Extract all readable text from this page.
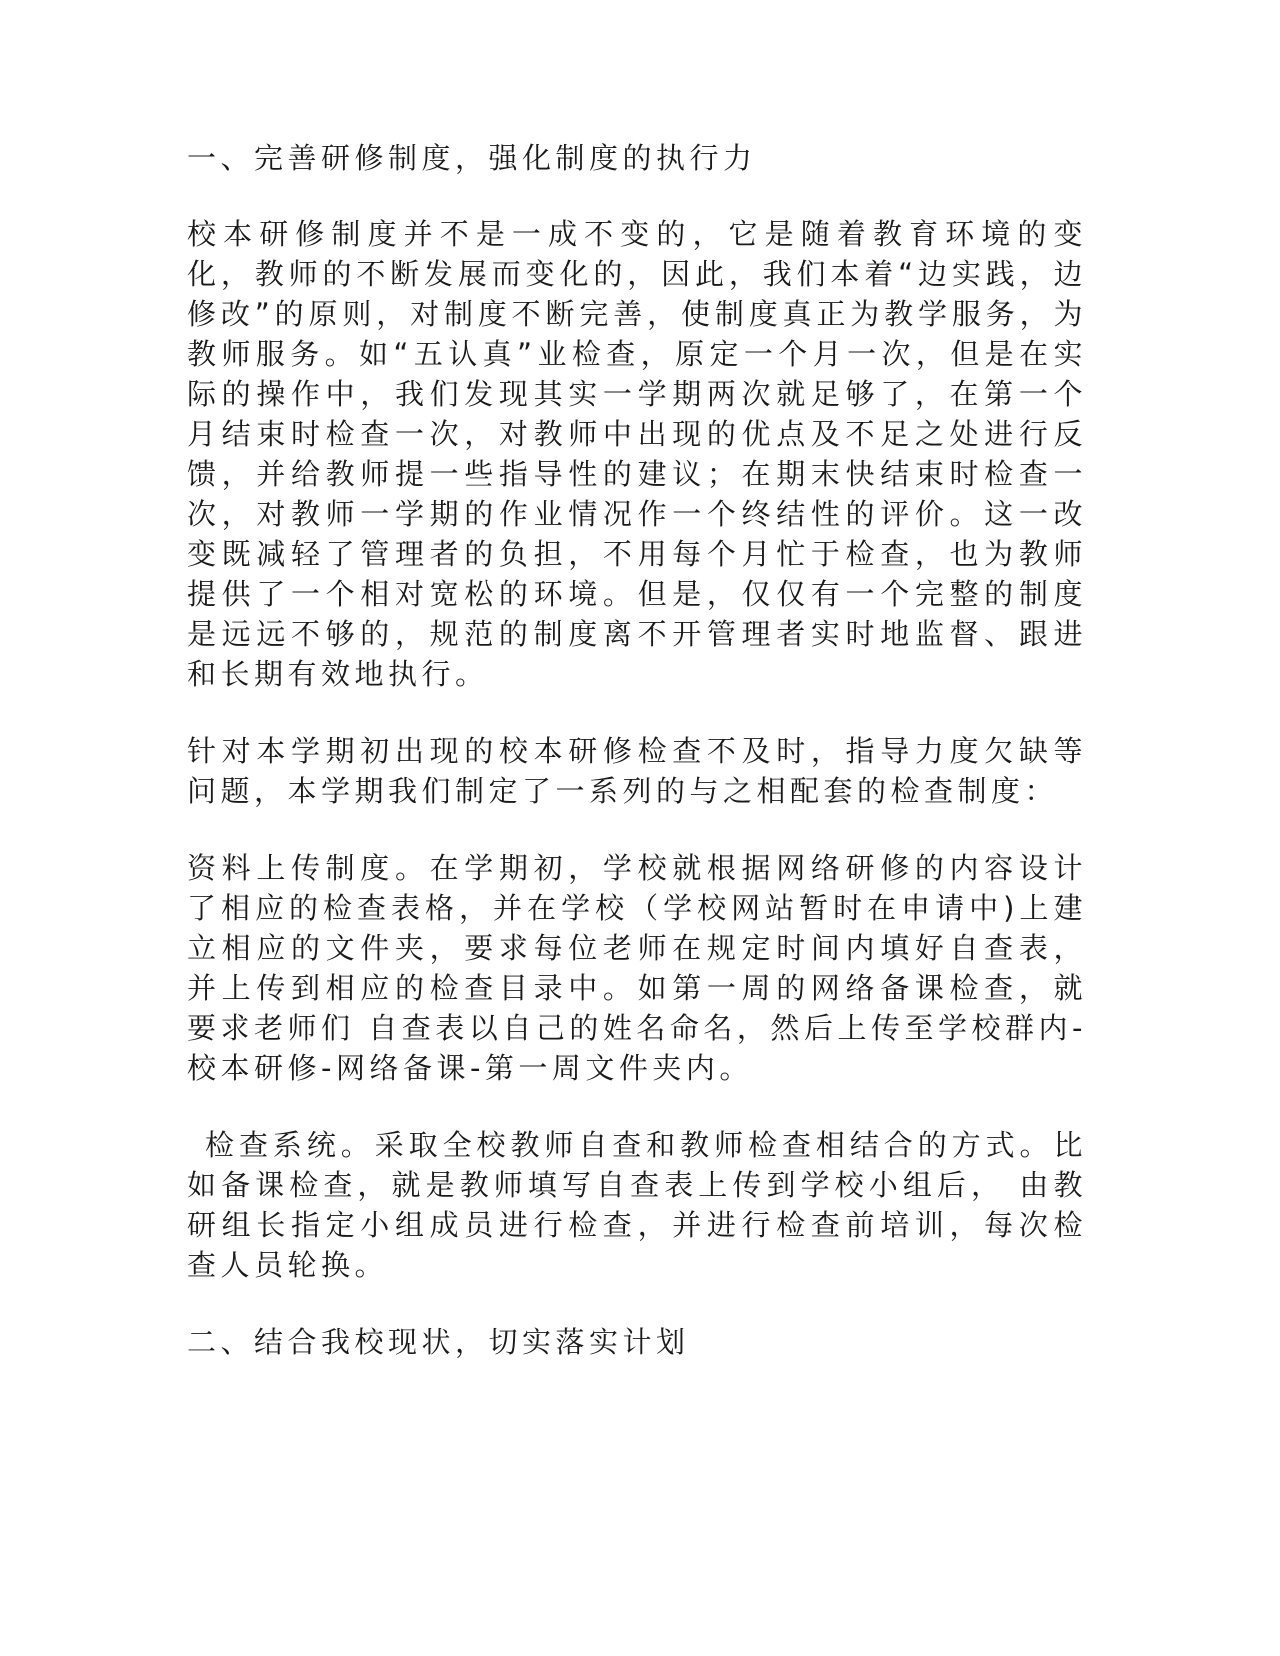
一、完善研修制度，强化制度的执行力

校本研修制度并不是一成不变的，它是随着教育环境的变化，教师的不断发展而变化的，因此，我们本着“边实践，边修改”的原则，对制度不断完善，使制度真正为教学服务，为教师服务。如“五认真”业检查，原定一个月一次，但是在实际的操作中，我们发现其实一学期两次就足够了，在第一个月结束时检查一次，对教师中出现的优点及不足之处进行反馈，并给教师提一些指导性的建议；在期末快结束时检查一次，对教师一学期的作业情况作一个终结性的评价。这一改变既减轻了管理者的负担，不用每个月忙于检查，也为教师提供了一个相对宽松的环境。但是，仅仅有一个完整的制度是远远不够的，规范的制度离不开管理者实时地监督、跟进和长期有效地执行。

针对本学期初出现的校本研修检查不及时，指导力度欠缺等问题，本学期我们制定了一系列的与之相配套的检查制度：

资料上传制度。在学期初，学校就根据网络研修的内容设计了相应的检查表格，并在学校（学校网站暂时在申请中)上建立相应的文件夹，要求每位老师在规定时间内填好自查表，并上传到相应的检查目录中。如第一周的网络备课检查，就要求老师们 自查表以自己的姓名命名，然后上传至学校群内-校本研修-网络备课-第一周文件夹内。

检查系统。采取全校教师自查和教师检查相结合的方式。比如备课检查，就是教师填写自查表上传到学校小组后， 由教研组长指定小组成员进行检查，并进行检查前培训，每次检查人员轮换。

二、结合我校现状，切实落实计划
